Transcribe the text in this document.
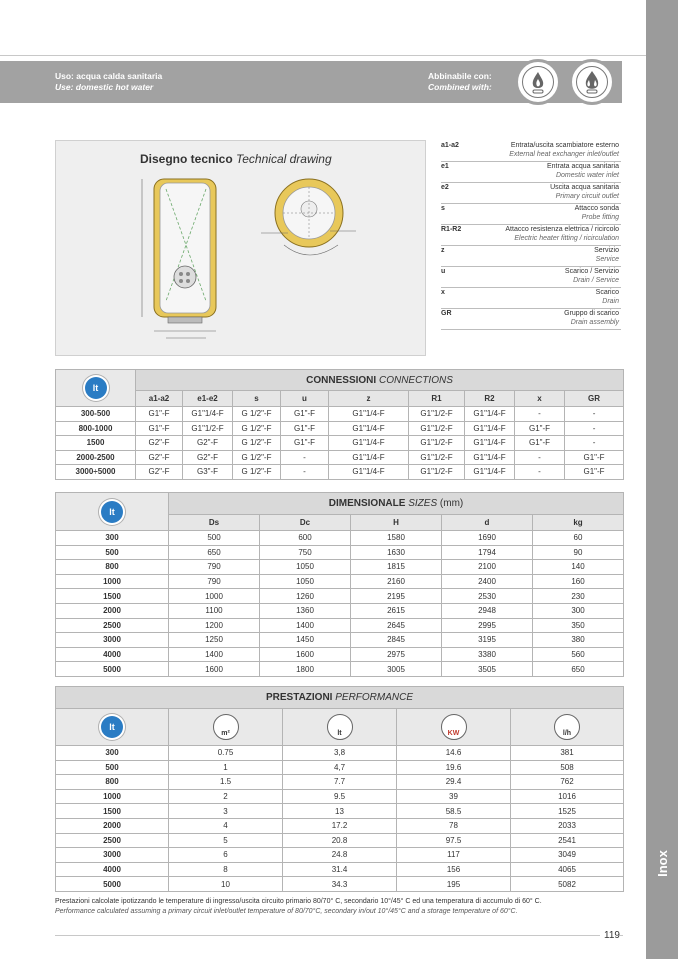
Inox
Uso: acqua calda sanitaria
Use: domestic hot water
Abbinabile con:
Combined with:
Disegno tecnico Technical drawing
a1-a2	Entrata/uscita scambiatore esterno
External heat exchanger inlet/outlet
e1	Entrata acqua sanitaria
Domestic water inlet
e2	Uscita acqua sanitaria
Primary circuit outlet
s	Attacco sonda
Probe fitting
R1-R2	Attacco resistenza elettrica / ricircolo
Electric heater fitting / ricirculation
z	Servizio
Service
u	Scarico / Servizio
Drain / Service
x	Scarico
Drain
GR	Gruppo di scarico
Drain assembly
lt	CONNESSIONI CONNECTIONS								
	a1-a2	e1-e2	s	u	z	R1	R2	x	GR
300-500	G1"-F	G1"1/4-F	G 1/2"-F	G1"-F	G1"1/4-F	G1"1/2-F	G1"1/4-F	-	-
800-1000	G1"-F	G1"1/2-F	G 1/2"-F	G1"-F	G1"1/4-F	G1"1/2-F	G1"1/4-F	G1"-F	-
1500	G2"-F	G2"-F	G 1/2"-F	G1"-F	G1"1/4-F	G1"1/2-F	G1"1/4-F	G1"-F	-
2000-2500	G2"-F	G2"-F	G 1/2"-F	-	G1"1/4-F	G1"1/2-F	G1"1/4-F	-	G1"-F
3000÷5000	G2"-F	G3"-F	G 1/2"-F	-	G1"1/4-F	G1"1/2-F	G1"1/4-F	-	G1"-F
lt	DIMENSIONALE SIZES (mm)				
	Ds	Dc	H	d	kg
300	500	600	1580	1690	60
500	650	750	1630	1794	90
800	790	1050	1815	2100	140
1000	790	1050	2160	2400	160
1500	1000	1260	2195	2530	230
2000	1100	1360	2615	2948	300
2500	1200	1400	2645	2995	350
3000	1250	1450	2845	3195	380
4000	1400	1600	2975	3380	560
5000	1600	1800	3005	3505	650
PRESTAZIONI PERFORMANCE				
lt	m²	lt	KW	l/h

300	0.75	3,8	14.6	381
500	1	4,7	19.6	508
800	1.5	7.7	29.4	762
1000	2	9.5	39	1016
1500	3	13	58.5	1525
2000	4	17.2	78	2033
2500	5	20.8	97.5	2541
3000	6	24.8	117	3049
4000	8	31.4	156	4065
5000	10	34.3	195	5082
Prestazioni calcolate ipotizzando le temperature di ingresso/uscita circuito primario 80/70° C, secondario 10°/45° C ed una temperatura di accumulo di 60° C.
Performance calculated assuming a primary circuit inlet/outlet temperature of 80/70°C, secondary in/out 10°/45°C and a storage temperature of 60°C.
119
